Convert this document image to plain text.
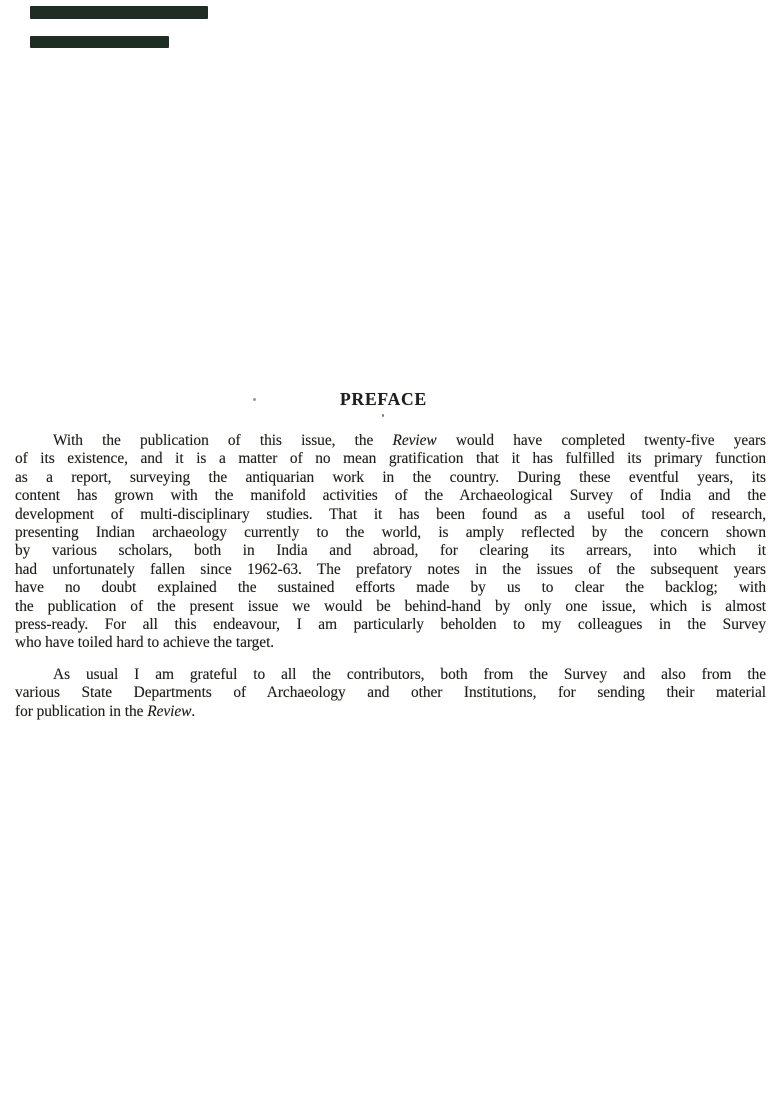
PREFACE
With the publication of this issue, the Review would have completed twenty-five years
of its existence, and it is a matter of no mean gratification that it has fulfilled its primary function
as a report, surveying the antiquarian work in the country. During these eventful years, its
content has grown with the manifold activities of the Archaeological Survey of India and the
development of multi-disciplinary studies. That it has been found as a useful tool of research,
presenting Indian archaeology currently to the world, is amply reflected by the concern shown
by various scholars, both in India and abroad, for clearing its arrears, into which it
had unfortunately fallen since 1962-63. The prefatory notes in the issues of the subsequent years
have no doubt explained the sustained efforts made by us to clear the backlog; with
the publication of the present issue we would be behind-hand by only one issue, which is almost
press-ready. For all this endeavour, I am particularly beholden to my colleagues in the Survey
who have toiled hard to achieve the target.
As usual I am grateful to all the contributors, both from the Survey and also from the
various State Departments of Archaeology and other Institutions, for sending their material
for publication in the Review.
